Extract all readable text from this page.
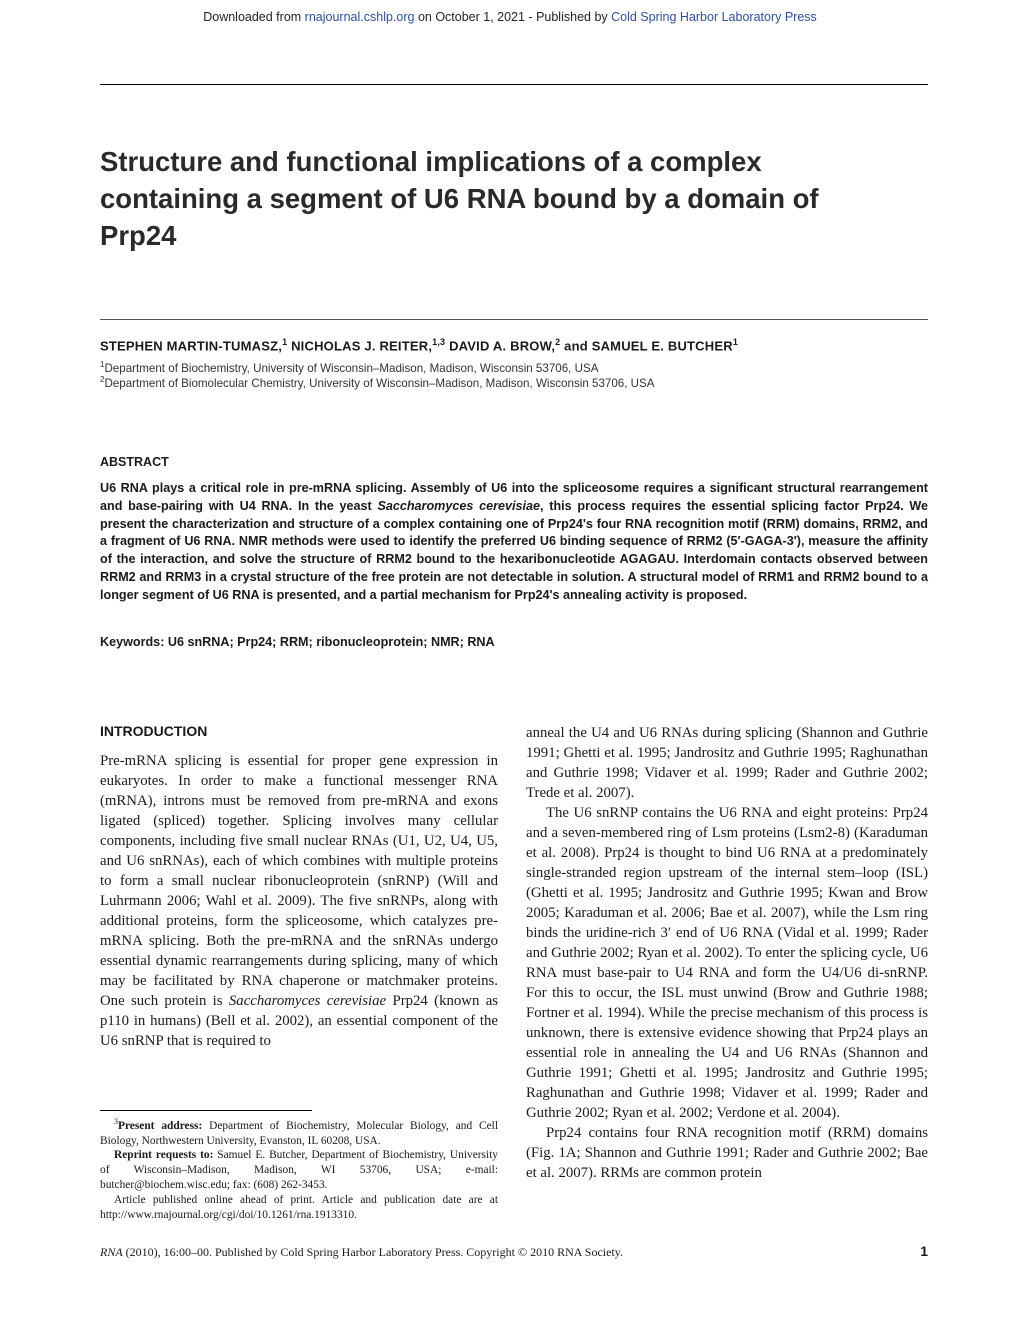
Downloaded from rnajournal.cshlp.org on October 1, 2021 - Published by Cold Spring Harbor Laboratory Press
Structure and functional implications of a complex containing a segment of U6 RNA bound by a domain of Prp24
STEPHEN MARTIN-TUMASZ,$^1$ NICHOLAS J. REITER,$^{1,3}$ DAVID A. BROW,$^2$ and SAMUEL E. BUTCHER$^1$
$^1$Department of Biochemistry, University of Wisconsin–Madison, Madison, Wisconsin 53706, USA
$^2$Department of Biomolecular Chemistry, University of Wisconsin–Madison, Madison, Wisconsin 53706, USA
ABSTRACT
U6 RNA plays a critical role in pre-mRNA splicing. Assembly of U6 into the spliceosome requires a significant structural rearrangement and base-pairing with U4 RNA. In the yeast Saccharomyces cerevisiae, this process requires the essential splicing factor Prp24. We present the characterization and structure of a complex containing one of Prp24's four RNA recognition motif (RRM) domains, RRM2, and a fragment of U6 RNA. NMR methods were used to identify the preferred U6 binding sequence of RRM2 (5′-GAGA-3′), measure the affinity of the interaction, and solve the structure of RRM2 bound to the hexaribonucleotide AGAGAU. Interdomain contacts observed between RRM2 and RRM3 in a crystal structure of the free protein are not detectable in solution. A structural model of RRM1 and RRM2 bound to a longer segment of U6 RNA is presented, and a partial mechanism for Prp24's annealing activity is proposed.
Keywords: U6 snRNA; Prp24; RRM; ribonucleoprotein; NMR; RNA
INTRODUCTION

Pre-mRNA splicing is essential for proper gene expression in eukaryotes. In order to make a functional messenger RNA (mRNA), introns must be removed from pre-mRNA and exons ligated (spliced) together. Splicing involves many cellular components, including five small nuclear RNAs (U1, U2, U4, U5, and U6 snRNAs), each of which combines with multiple proteins to form a small nuclear ribonucleoprotein (snRNP) (Will and Luhrmann 2006; Wahl et al. 2009). The five snRNPs, along with additional proteins, form the spliceosome, which catalyzes pre-mRNA splicing. Both the pre-mRNA and the snRNAs undergo essential dynamic rearrangements during splicing, many of which may be facilitated by RNA chaperone or matchmaker proteins. One such protein is Saccharomyces cerevisiae Prp24 (known as p110 in humans) (Bell et al. 2002), an essential component of the U6 snRNP that is required to

anneal the U4 and U6 RNAs during splicing (Shannon and Guthrie 1991; Ghetti et al. 1995; Jandrositz and Guthrie 1995; Raghunathan and Guthrie 1998; Vidaver et al. 1999; Rader and Guthrie 2002; Trede et al. 2007).

The U6 snRNP contains the U6 RNA and eight proteins: Prp24 and a seven-membered ring of Lsm proteins (Lsm2-8) (Karaduman et al. 2008). Prp24 is thought to bind U6 RNA at a predominately single-stranded region upstream of the internal stem–loop (ISL) (Ghetti et al. 1995; Jandrositz and Guthrie 1995; Kwan and Brow 2005; Karaduman et al. 2006; Bae et al. 2007), while the Lsm ring binds the uridine-rich 3′ end of U6 RNA (Vidal et al. 1999; Rader and Guthrie 2002; Ryan et al. 2002). To enter the splicing cycle, U6 RNA must base-pair to U4 RNA and form the U4/U6 di-snRNP. For this to occur, the ISL must unwind (Brow and Guthrie 1988; Fortner et al. 1994). While the precise mechanism of this process is unknown, there is extensive evidence showing that Prp24 plays an essential role in annealing the U4 and U6 RNAs (Shannon and Guthrie 1991; Ghetti et al. 1995; Jandrositz and Guthrie 1995; Raghunathan and Guthrie 1998; Vidaver et al. 1999; Rader and Guthrie 2002; Ryan et al. 2002; Verdone et al. 2004).

Prp24 contains four RNA recognition motif (RRM) domains (Fig. 1A; Shannon and Guthrie 1991; Rader and Guthrie 2002; Bae et al. 2007). RRMs are common protein

$^3$Present address: Department of Biochemistry, Molecular Biology, and Cell Biology, Northwestern University, Evanston, IL 60208, USA.

Reprint requests to: Samuel E. Butcher, Department of Biochemistry, University of Wisconsin–Madison, Madison, WI 53706, USA; e-mail: butcher@biochem.wisc.edu; fax: (608) 262-3453.

Article published online ahead of print. Article and publication date are at http://www.rnajournal.org/cgi/doi/10.1261/rna.1913310.

RNA (2010), 16:00–00. Published by Cold Spring Harbor Laboratory Press. Copyright © 2010 RNA Society.	1
